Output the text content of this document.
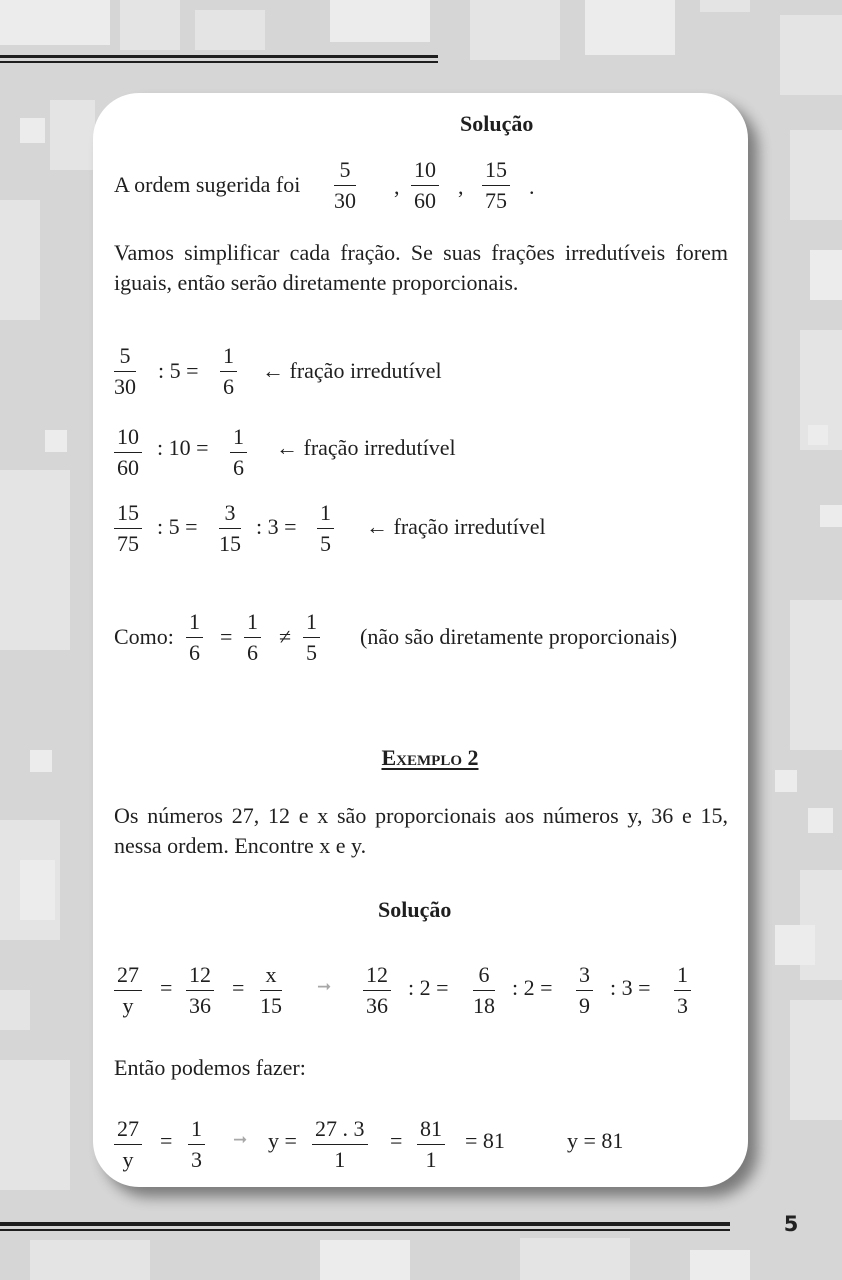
Solução
A ordem sugerida foi $\frac{5}{30}$ , $\frac{10}{60}$ , $\frac{15}{75}$ .
Vamos simplificar cada fração. Se suas frações irredutíveis forem iguais, então serão diretamente proporcionais.
$\frac{5}{30}$ : $5 = \frac{1}{6}$ ← fração irredutível
$\frac{10}{60}$ : $10 = \frac{1}{6}$ ← fração irredutível
$\frac{15}{75}$ : $5 = \frac{3}{15}$ : $3 = \frac{1}{5}$ ← fração irredutível
Como: $\frac{1}{6} = \frac{1}{6} \ne \frac{1}{5}$ (não são diretamente proporcionais)
Exemplo 2
Os números 27, 12 e x são proporcionais aos números y, 36 e 15, nessa ordem. Encontre x e y.
Solução
$\frac{27}{y} = \frac{12}{36} = \frac{x}{15}$ ➞ $\frac{12}{36}$ : $2 = \frac{6}{18}$ : $2 = \frac{3}{9}$ : $3 = \frac{1}{3}$
Então podemos fazer:
$\frac{27}{y} = \frac{1}{3}$ ➞ $y = \frac{27 . 3}{1} = \frac{81}{1} = 81$	y = 81
5
